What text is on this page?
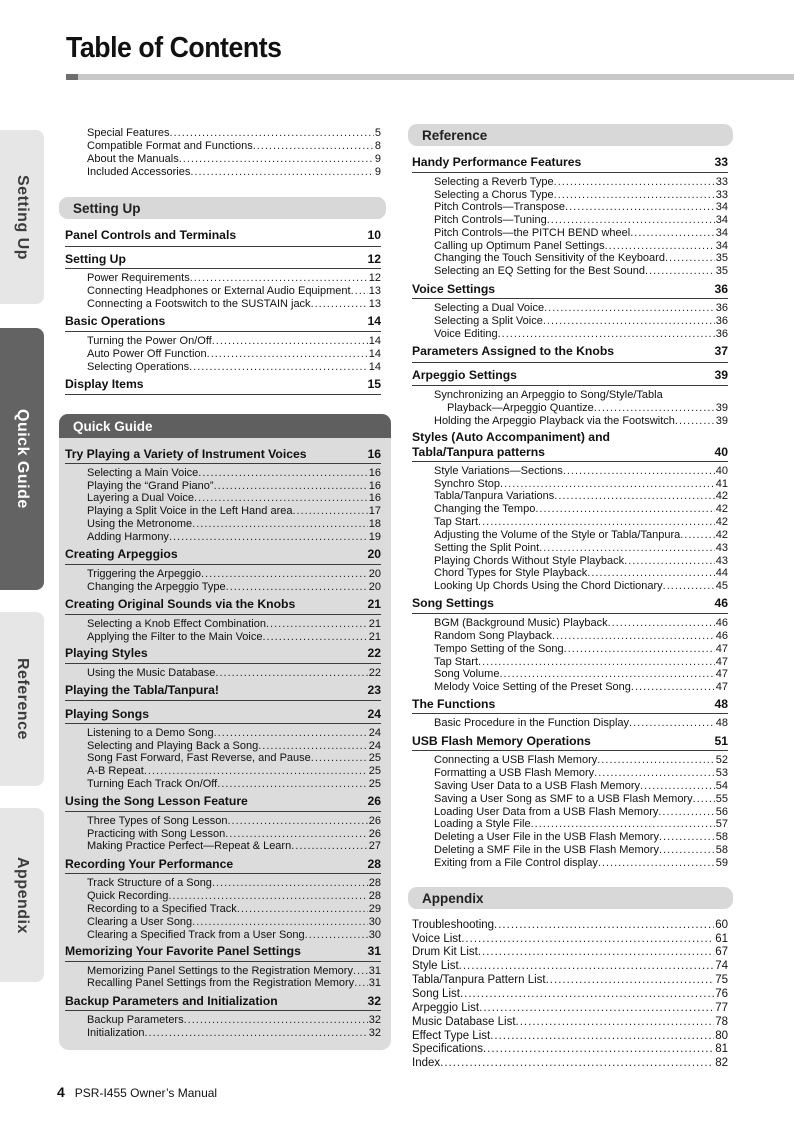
Table of Contents
Setting Up
Quick Guide
Reference
Appendix
Quick Guide
Setting Up
Reference
Appendix
Special Features .....	5
Compatible Format and Functions .....	8
About the Manuals .....	9
Included Accessories .....	9
Panel Controls and Terminals	10
Setting Up	12
Power Requirements .....	12
Connecting Headphones or External Audio Equipment ..... 13
Connecting a Footswitch to the SUSTAIN jack .....	13
Basic Operations	14
Turning the Power On/Off .....	14
Auto Power Off Function .....	14
Selecting Operations .....	14
Display Items	15
Try Playing a Variety of Instrument Voices	16
Selecting a Main Voice .....	16
Playing the “Grand Piano” .....	16
Layering a Dual Voice .....	16
Playing a Split Voice in the Left Hand area .....	17
Using the Metronome .....	18
Adding Harmony .....	19
Creating Arpeggios	20
Triggering the Arpeggio .....	20
Changing the Arpeggio Type .....	20
Creating Original Sounds via the Knobs	21
Selecting a Knob Effect Combination .....	21
Applying the Filter to the Main Voice .....	21
Playing Styles	22
Using the Music Database .....	22
Playing the Tabla/Tanpura!	23
Playing Songs	24
Listening to a Demo Song .....	24
Selecting and Playing Back a Song .....	24
Song Fast Forward, Fast Reverse, and Pause .....	25
A-B Repeat .....	25
Turning Each Track On/Off .....	25
Using the Song Lesson Feature	26
Three Types of Song Lesson .....	26
Practicing with Song Lesson .....	26
Making Practice Perfect—Repeat & Learn .....	27
Recording Your Performance	28
Track Structure of a Song .....	28
Quick Recording .....	28
Recording to a Specified Track .....	29
Clearing a User Song .....	30
Clearing a Specified Track from a User Song .....	30
Memorizing Your Favorite Panel Settings	31
Memorizing Panel Settings to the Registration Memory ..... 31
Recalling Panel Settings from the Registration Memory ..... 31
Backup Parameters and Initialization	32
Backup Parameters .....	32
Initialization .....	32
Handy Performance Features	33
Selecting a Reverb Type .....	33
Selecting a Chorus Type .....	33
Pitch Controls—Transpose .....	34
Pitch Controls—Tuning .....	34
Pitch Controls—the PITCH BEND wheel .....	34
Calling up Optimum Panel Settings .....	34
Changing the Touch Sensitivity of the Keyboard .....	35
Selecting an EQ Setting for the Best Sound .....	35
Voice Settings	36
Selecting a Dual Voice .....	36
Selecting a Split Voice .....	36
Voice Editing .....	36
Parameters Assigned to the Knobs	37
Arpeggio Settings	39
Synchronizing an Arpeggio to Song/Style/Tabla
Playback—Arpeggio Quantize .....	39
Holding the Arpeggio Playback via the Footswitch .....	39
Styles (Auto Accompaniment) and
Tabla/Tanpura patterns	40
Style Variations—Sections .....	40
Synchro Stop .....	41
Tabla/Tanpura Variations .....	42
Changing the Tempo .....	42
Tap Start .....	42
Adjusting the Volume of the Style or Tabla/Tanpura .....	42
Setting the Split Point .....	43
Playing Chords Without Style Playback .....	43
Chord Types for Style Playback .....	44
Looking Up Chords Using the Chord Dictionary .....	45
Song Settings	46
BGM (Background Music) Playback .....	46
Random Song Playback .....	46
Tempo Setting of the Song .....	47
Tap Start .....	47
Song Volume .....	47
Melody Voice Setting of the Preset Song .....	47
The Functions	48
Basic Procedure in the Function Display .....	48
USB Flash Memory Operations	51
Connecting a USB Flash Memory .....	52
Formatting a USB Flash Memory .....	53
Saving User Data to a USB Flash Memory .....	54
Saving a User Song as SMF to a USB Flash Memory ..... 55
Loading User Data from a USB Flash Memory .....	56
Loading a Style File .....	57
Deleting a User File in the USB Flash Memory .....	58
Deleting a SMF File in the USB Flash Memory .....	58
Exiting from a File Control display .....	59
Troubleshooting .....	60
Voice List .....	61
Drum Kit List .....	67
Style List .....	74
Tabla/Tanpura Pattern List .....	75
Song List .....	76
Arpeggio List .....	77
Music Database List .....	78
Effect Type List .....	80
Specifications .....	81
Index .....	82
4 PSR-I455 Owner’s Manual
